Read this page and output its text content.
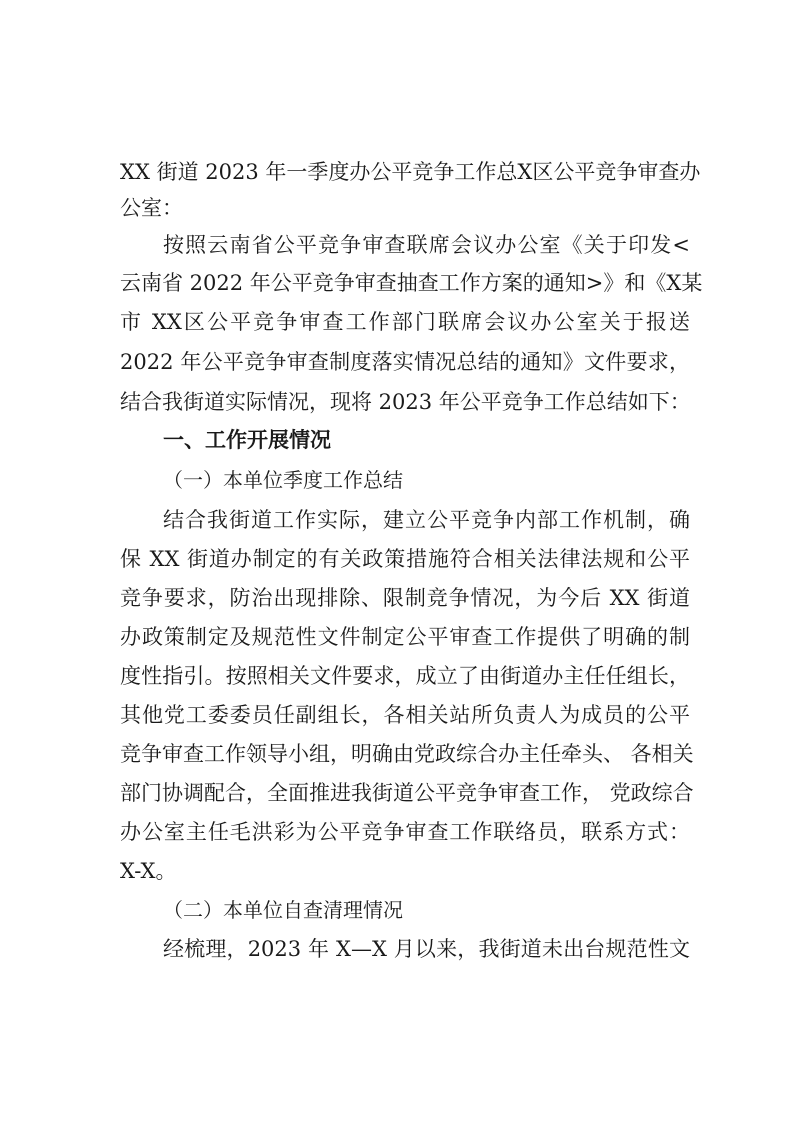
XX 街道 2023 年一季度办公平竞争工作总X区公平竞争审查办
公室：
按照云南省公平竞争审查联席会议办公室《关于印发<
云南省 2022 年公平竞争审查抽查工作方案的通知>》和《X某
市 XX区公平竞争审查工作部门联席会议办公室关于报送
2022 年公平竞争审查制度落实情况总结的通知》文件要求，
结合我街道实际情况，现将 2023 年公平竞争工作总结如下：
一、工作开展情况
（一）本单位季度工作总结
结合我街道工作实际，建立公平竞争内部工作机制，确
保 XX 街道办制定的有关政策措施符合相关法律法规和公平
竞争要求，防治出现排除、限制竞争情况，为今后 XX 街道
办政策制定及规范性文件制定公平审查工作提供了明确的制
度性指引。按照相关文件要求，成立了由街道办主任任组长，
其他党工委委员任副组长，各相关站所负责人为成员的公平
竞争审查工作领导小组，明确由党政综合办主任牵头、 各相关
部门协调配合，全面推进我街道公平竞争审查工作， 党政综合
办公室主任毛洪彩为公平竞争审查工作联络员，联系方式：
X-X。
（二）本单位自查清理情况
经梳理，2023 年 X—X 月以来，我街道未出台规范性文
